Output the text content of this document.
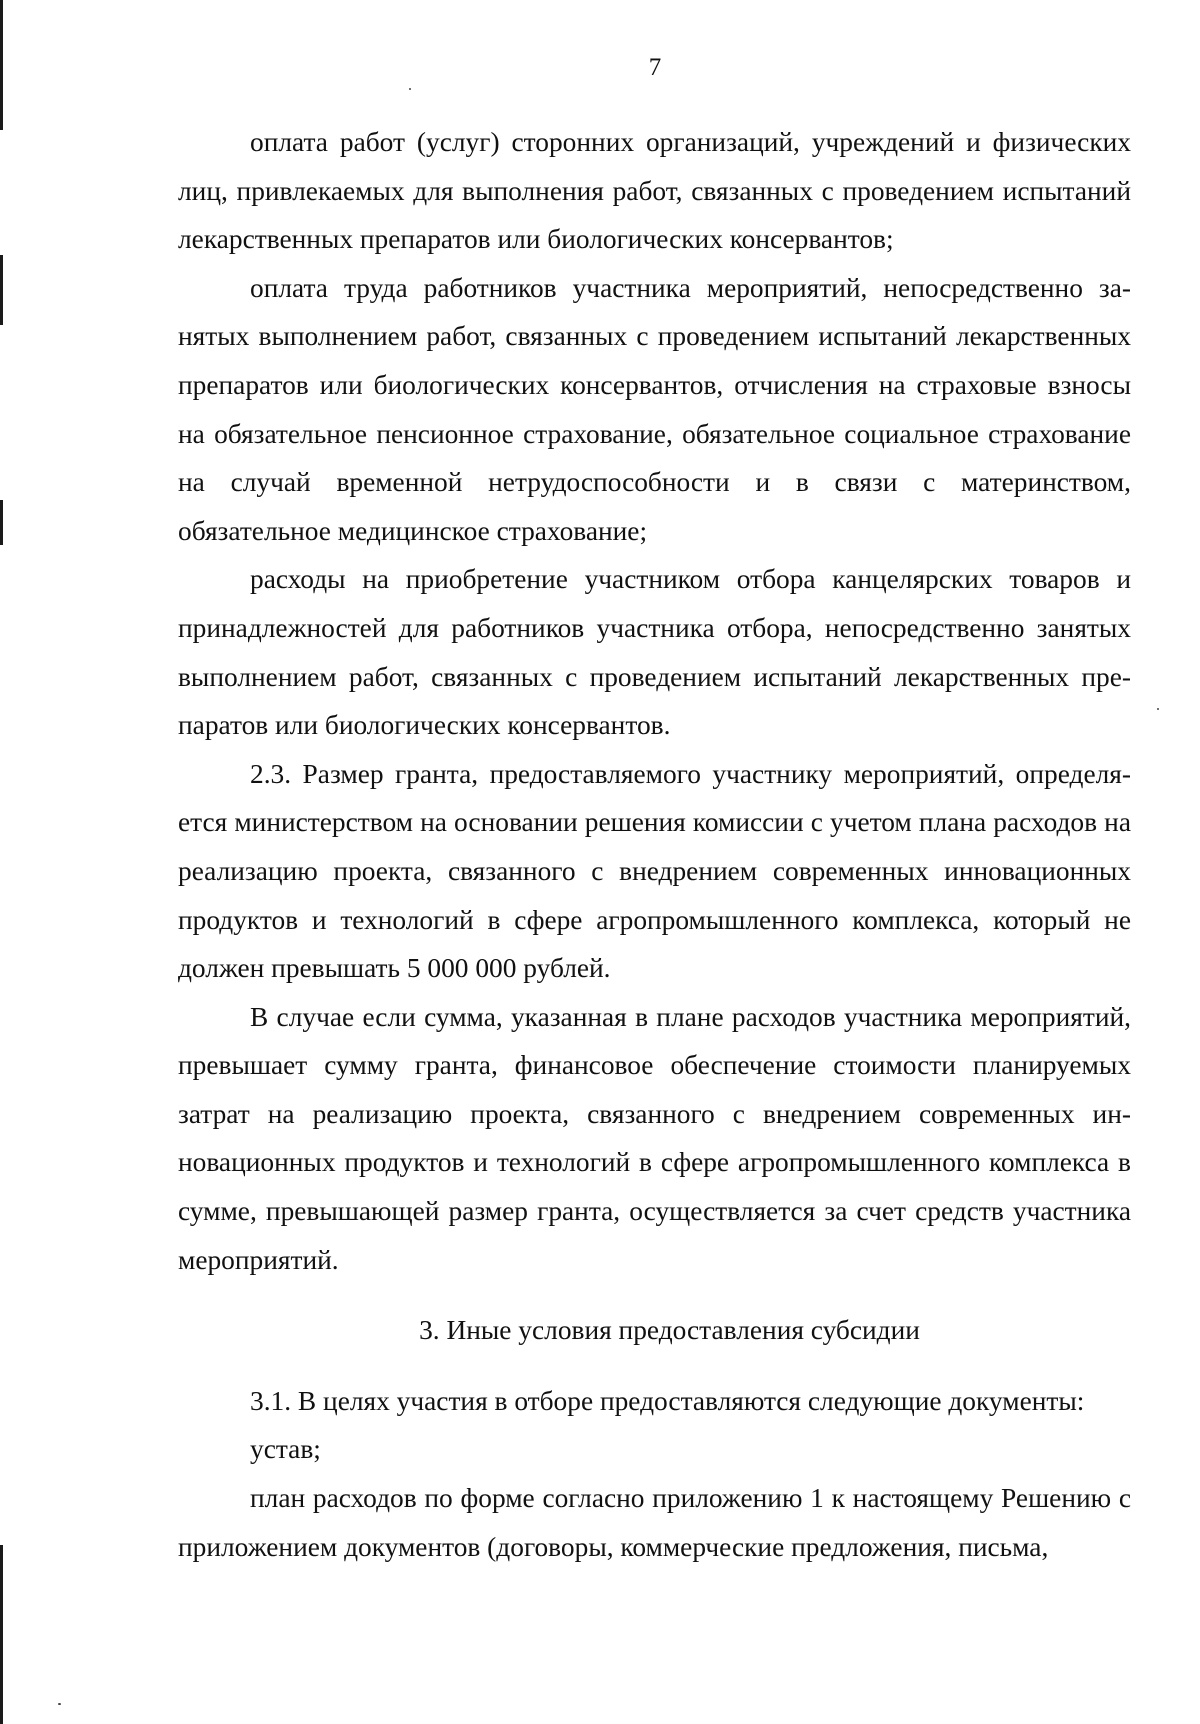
7

оплата работ (услуг) сторонних организаций, учреждений и физических лиц, привлекаемых для выполнения работ, связанных с проведением испытаний лекарственных препаратов или биологических консервантов;

оплата труда работников участника мероприятий, непосредственно занятых выполнением работ, связанных с проведением испытаний лекарственных препаратов или биологических консервантов, отчисления на страховые взносы на обязательное пенсионное страхование, обязательное социальное страхование на случай временной нетрудоспособности и в связи с материнством, обязательное медицинское страхование;

расходы на приобретение участником отбора канцелярских товаров и принадлежностей для работников участника отбора, непосредственно занятых выполнением работ, связанных с проведением испытаний лекарственных препаратов или биологических консервантов.

2.3. Размер гранта, предоставляемого участнику мероприятий, определяется министерством на основании решения комиссии с учетом плана расходов на реализацию проекта, связанного с внедрением современных инновационных продуктов и технологий в сфере агропромышленного комплекса, который не должен превышать 5 000 000 рублей.

В случае если сумма, указанная в плане расходов участника мероприятий, превышает сумму гранта, финансовое обеспечение стоимости планируемых затрат на реализацию проекта, связанного с внедрением современных инновационных продуктов и технологий в сфере агропромышленного комплекса в сумме, превышающей размер гранта, осуществляется за счет средств участника мероприятий.

3. Иные условия предоставления субсидии

3.1. В целях участия в отборе предоставляются следующие документы:

устав;

план расходов по форме согласно приложению 1 к настоящему Решению с приложением документов (договоры, коммерческие предложения, письма,
